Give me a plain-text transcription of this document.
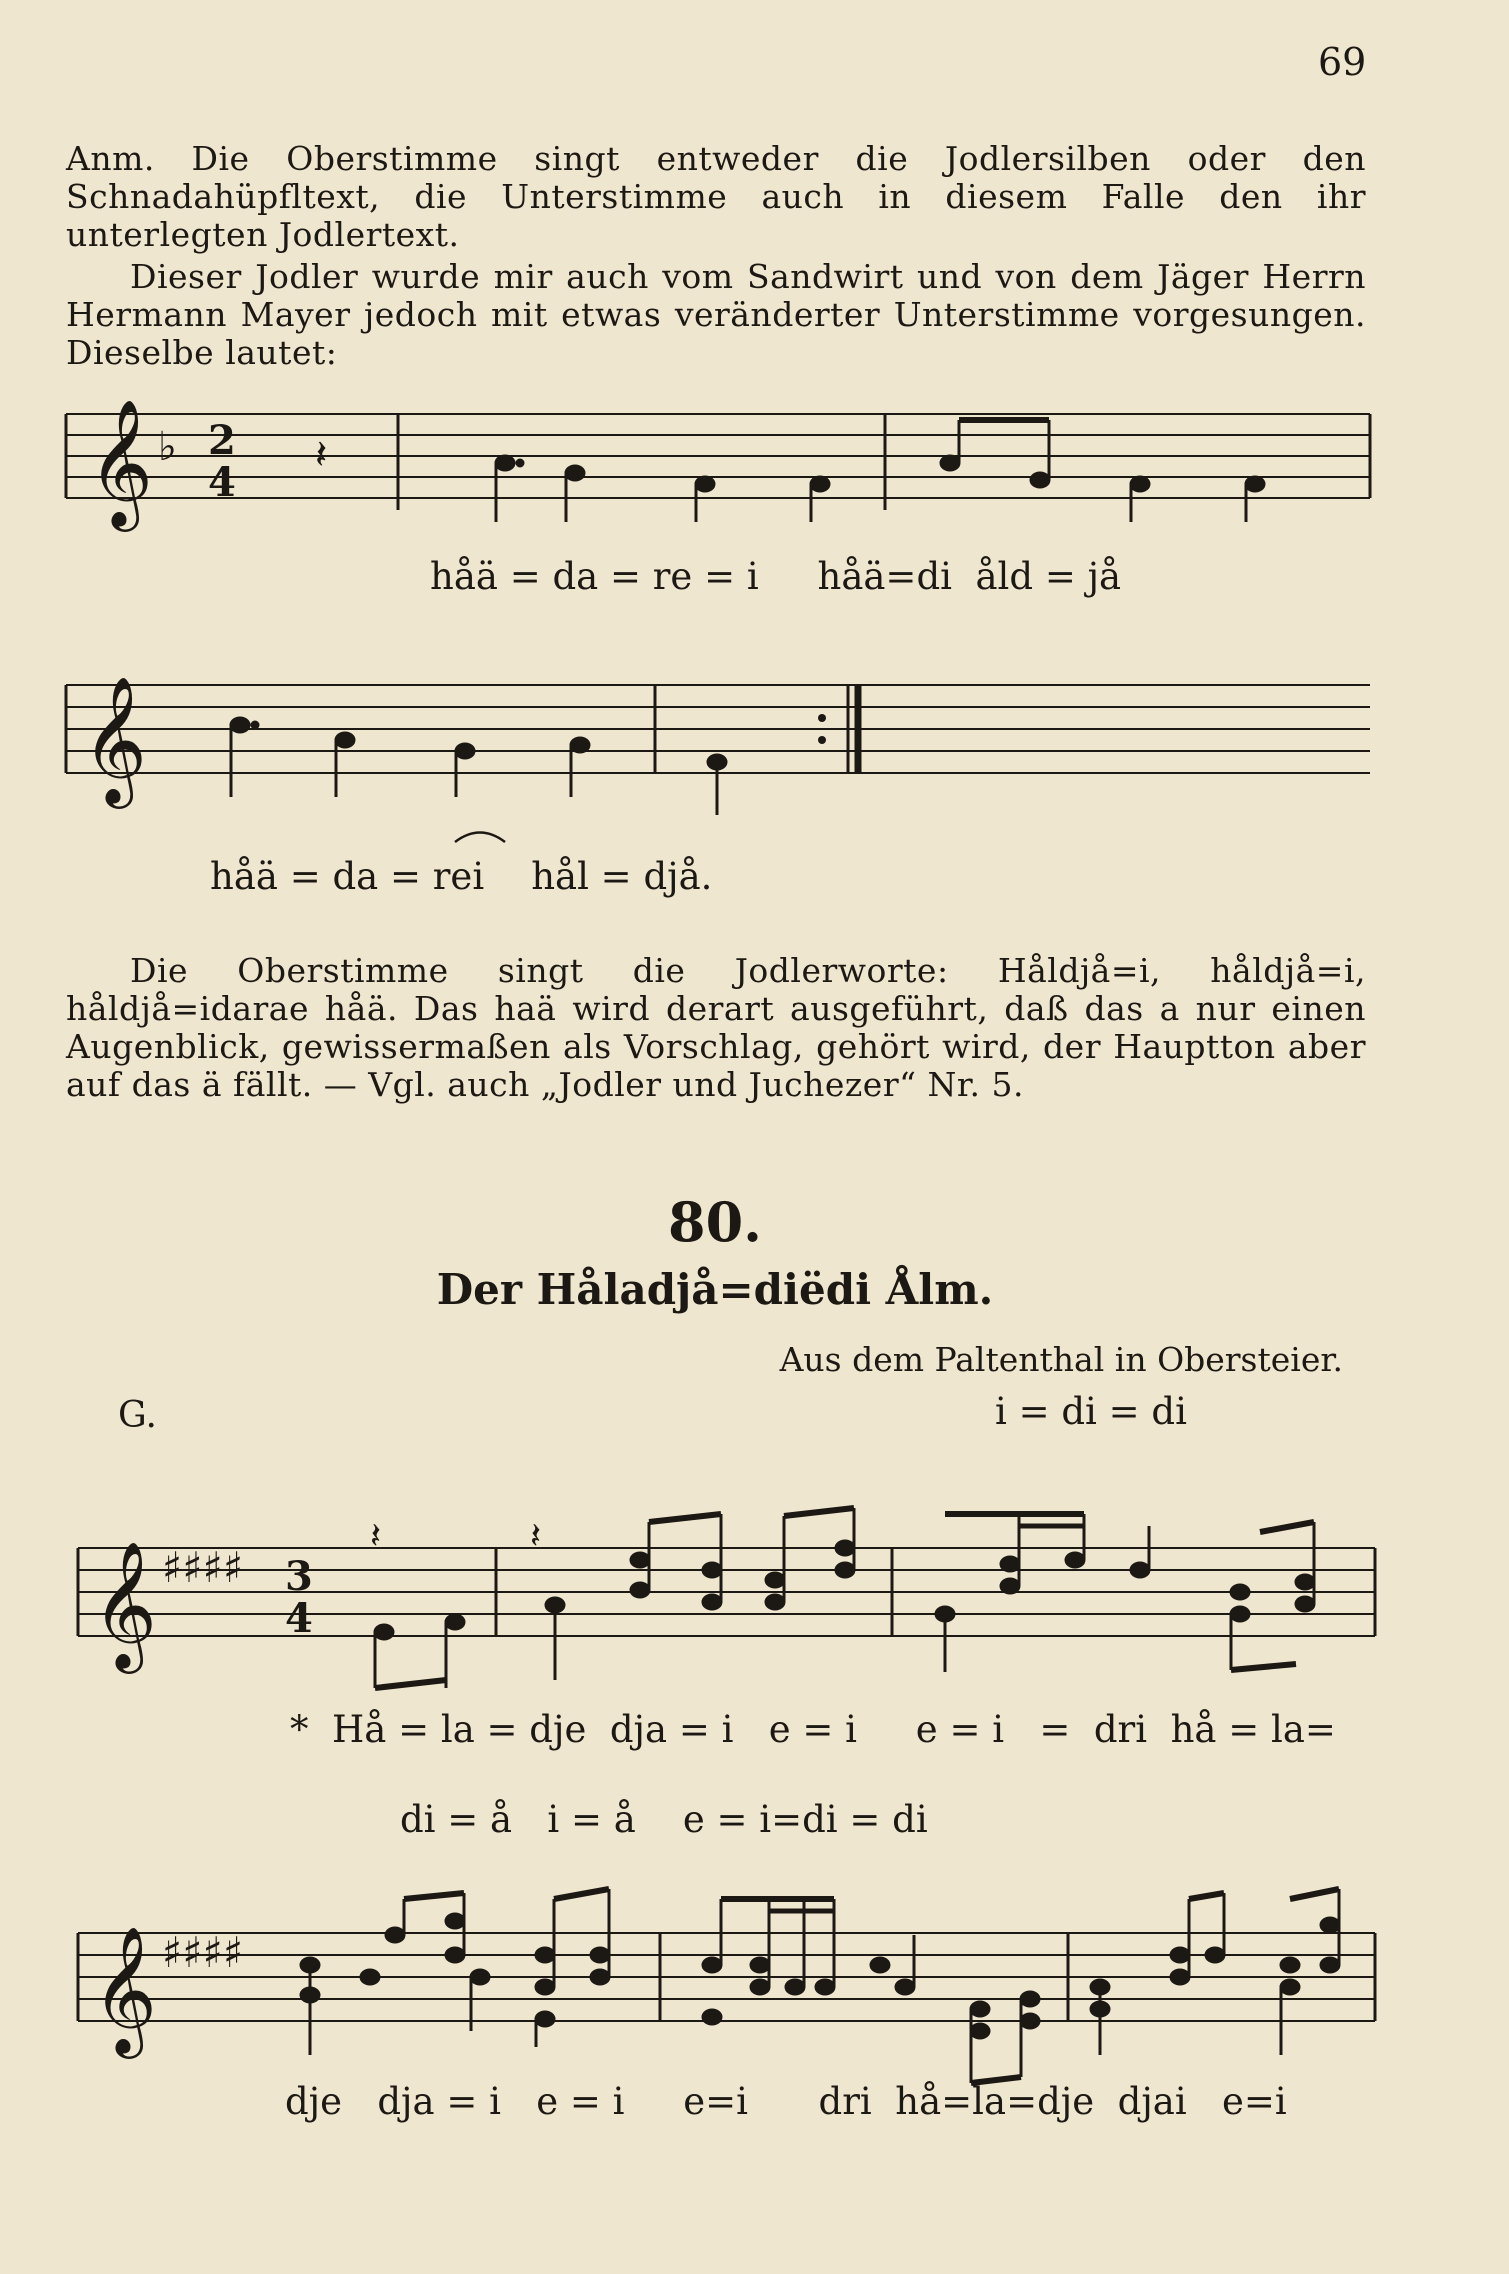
69
Anm. Die Oberstimme singt entweder die Jodlersilben oder den Schnadahüpfltext, die Unterstimme auch in diesem Falle den ihr unterlegten Jodlertext.
Dieser Jodler wurde mir auch vom Sandwirt und von dem Jäger Herrn Hermann Mayer jedoch mit etwas veränderter Unterstimme vorgesungen. Dieselbe lautet:
𝄞 ♭ 2
4
𝄽
håä = da = re = i     håä=di  åld = jå
𝄞
håä = da = rei    hål = djå.
Die Oberstimme singt die Jodlerworte: Håldjå=i, håldjå=i, håldjå=idarae håä. Das haä wird derart ausgeführt, daß das a nur einen Augenblick, gewissermaßen als Vorschlag, gehört wird, der Hauptton aber auf das ä fällt. — Vgl. auch „Jodler und Juchezer“ Nr. 5.
80.
Der Håladjå=diëdi Ålm.
Aus dem Paltenthal in Obersteier.
G.	i = di = di
𝄞 ♯♯♯♯ 3
4
𝄽	𝄽
*  Hå = la = dje  dja = i   e = i     e = i   =  dri  hå = la=
di = å   i = å    e = i=di = di
𝄞 ♯♯♯♯
dje   dja = i   e = i     e=i      dri  hå=la=dje  djai   e=i
